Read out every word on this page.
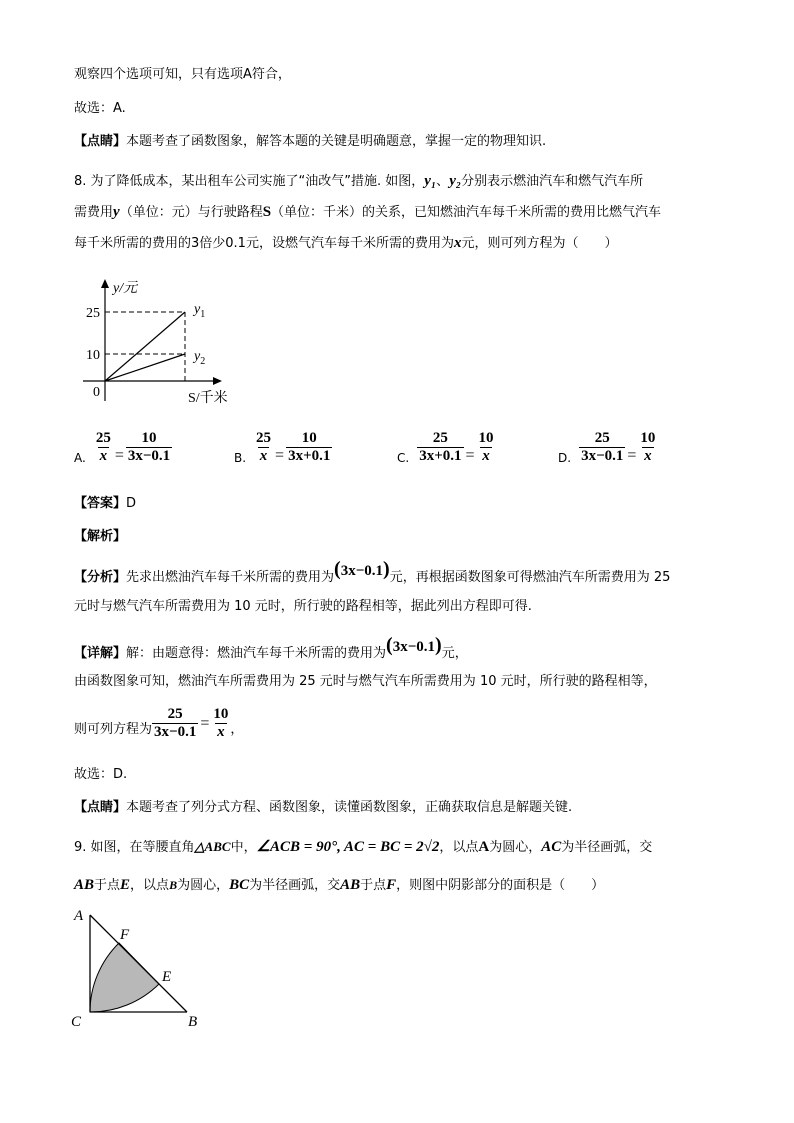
观察四个选项可知，只有选项A符合，
故选：A.
【点睛】本题考查了函数图象，解答本题的关键是明确题意，掌握一定的物理知识.
8. 为了降低成本，某出租车公司实施了“油改气”措施. 如图，y₁、y₂分别表示燃油汽车和燃气汽车所
需费用y（单位：元）与行驶路程S（单位：千米）的关系，已知燃油汽车每千米所需的费用比燃气汽车
每千米所需的费用的3倍少0.1元，设燃气汽车每千米所需的费用为x元，则可列方程为（　　）
y/元
25
10
0	S/千米
$y_1$
$y_2$
A. $\frac{25}{x} = \frac{10}{3x-0.1}$	B. $\frac{25}{x} = \frac{10}{3x+0.1}$	C. $\frac{25}{3x+0.1} = \frac{10}{x}$	D. $\frac{25}{3x-0.1} = \frac{10}{x}$
【答案】D
【解析】
【分析】先求出燃油汽车每千米所需的费用为(3x−0.1)元，再根据函数图象可得燃油汽车所需费用为 25
元时与燃气汽车所需费用为 10 元时，所行驶的路程相等，据此列出方程即可得.
【详解】解：由题意得：燃油汽车每千米所需的费用为(3x−0.1)元，
由函数图象可知，燃油汽车所需费用为 25 元时与燃气汽车所需费用为 10 元时，所行驶的路程相等，
则可列方程为 $\frac{25}{3x-0.1} = \frac{10}{x}$ ，
故选：D.
【点睛】本题考查了列分式方程、函数图象，读懂函数图象，正确获取信息是解题关键.
9. 如图，在等腰直角△ABC中，∠ACB = 90°, AC = BC = 2√2，以点A为圆心，AC为半径画弧，交
AB于点E，以点B为圆心，BC为半径画弧，交AB于点F，则图中阴影部分的面积是（　　）
A
F
E
C	B
